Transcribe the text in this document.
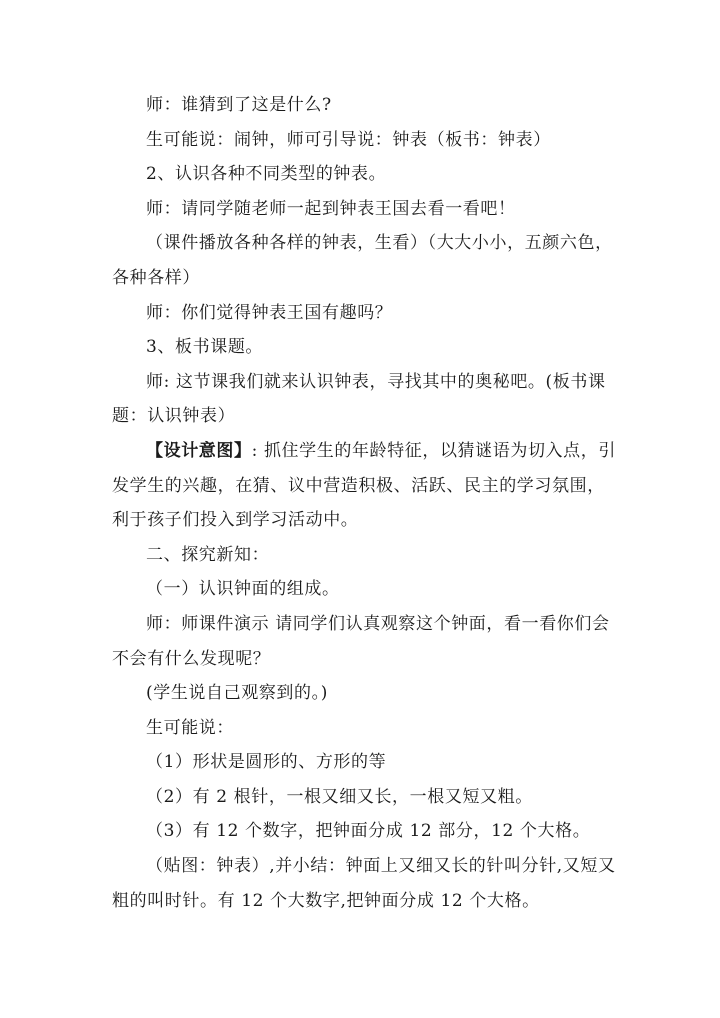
师：谁猜到了这是什么?

生可能说：闹钟，师可引导说：钟表（板书：钟表）

2、认识各种不同类型的钟表。

师：请同学随老师一起到钟表王国去看一看吧！

（课件播放各种各样的钟表，生看）（大大小小，五颜六色，各种各样）

师：你们觉得钟表王国有趣吗？

3、板书课题。

师: 这节课我们就来认识钟表，寻找其中的奥秘吧。(板书课题：认识钟表）

【设计意图】: 抓住学生的年龄特征，以猜谜语为切入点，引发学生的兴趣，在猜、议中营造积极、活跃、民主的学习氛围，利于孩子们投入到学习活动中。

二、探究新知：

（一）认识钟面的组成。

师：师课件演示 请同学们认真观察这个钟面，看一看你们会不会有什么发现呢？

(学生说自己观察到的。)

生可能说：

（1）形状是圆形的、方形的等

（2）有 2 根针，一根又细又长，一根又短又粗。

（3）有 12 个数字，把钟面分成 12 部分，12 个大格。

（贴图：钟表）,并小结：钟面上又细又长的针叫分针,又短又粗的叫时针。有 12 个大数字,把钟面分成 12 个大格。
